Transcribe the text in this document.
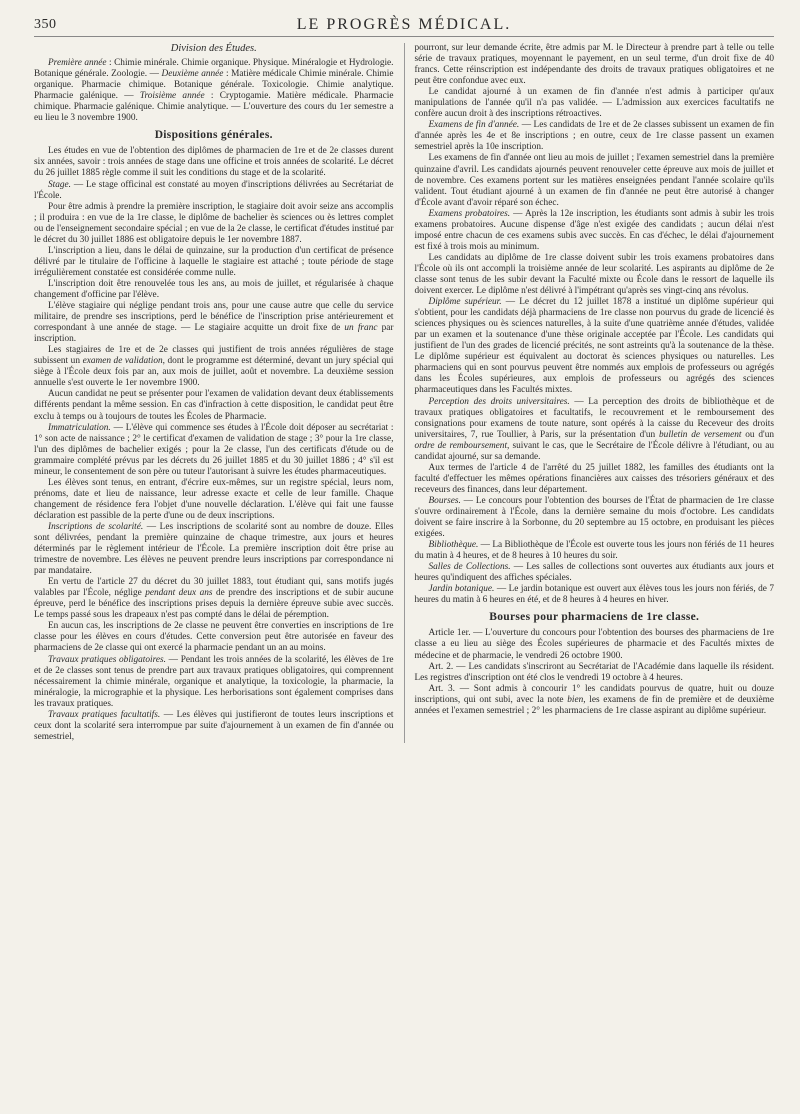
350	LE PROGRÈS MÉDICAL.
Division des Études.

Première année : Chimie minérale. Chimie organique. Physique. Minéralogie et Hydrologie. Botanique générale. Zoologie. — Deuxième année : Matière médicale Chimie minérale. Chimie organique. Pharmacie chimique. Botanique générale. Toxicologie. Chimie analytique. Pharmacie galénique. — Troisième année : Cryptogamie. Matière médicale. Pharmacie chimique. Pharmacie galénique. Chimie analytique. — L'ouverture des cours du 1er semestre a eu lieu le 3 novembre 1900.

Dispositions générales.

Les études en vue de l'obtention des diplômes de pharmacien de 1re et de 2e classes durent six années, savoir : trois années de stage dans une officine et trois années de scolarité. Le décret du 26 juillet 1885 règle comme il suit les conditions du stage et de la scolarité.

Stage. — Le stage officinal est constaté au moyen d'inscriptions délivrées au Secrétariat de l'École.

Pour être admis à prendre la première inscription, le stagiaire doit avoir seize ans accomplis ; il produira : en vue de la 1re classe, le diplôme de bachelier ès sciences ou ès lettres complet ou de l'enseignement secondaire spécial ; en vue de la 2e classe, le certificat d'études institué par le décret du 30 juillet 1886 est obligatoire depuis le 1er novembre 1887.

L'inscription a lieu, dans le délai de quinzaine, sur la production d'un certificat de présence délivré par le titulaire de l'officine à laquelle le stagiaire est attaché ; toute période de stage irrégulièrement constatée est considérée comme nulle.

L'inscription doit être renouvelée tous les ans, au mois de juillet, et régularisée à chaque changement d'officine par l'élève.

L'élève stagiaire qui néglige pendant trois ans, pour une cause autre que celle du service militaire, de prendre ses inscriptions, perd le bénéfice de l'inscription prise antérieurement et correspondant à une année de stage. — Le stagiaire acquitte un droit fixe de un franc par inscription.

Les stagiaires de 1re et de 2e classes qui justifient de trois années régulières de stage subissent un examen de validation, dont le programme est déterminé, devant un jury spécial qui siège à l'École deux fois par an, aux mois de juillet, août et novembre. La deuxième session annuelle s'est ouverte le 1er novembre 1900.

Aucun candidat ne peut se présenter pour l'examen de validation devant deux établissements différents pendant la même session. En cas d'infraction à cette disposition, le candidat peut être exclu à temps ou à toujours de toutes les Écoles de Pharmacie.

Immatriculation. — L'élève qui commence ses études à l'École doit déposer au secrétariat : 1° son acte de naissance ; 2° le certificat d'examen de validation de stage ; 3° pour la 1re classe, l'un des diplômes de bachelier exigés ; pour la 2e classe, l'un des certificats d'étude ou de grammaire complété prévus par les décrets du 26 juillet 1885 et du 30 juillet 1886 ; 4° s'il est mineur, le consentement de son père ou tuteur l'autorisant à suivre les études pharmaceutiques.

Les élèves sont tenus, en entrant, d'écrire eux-mêmes, sur un registre spécial, leurs nom, prénoms, date et lieu de naissance, leur adresse exacte et celle de leur famille. Chaque changement de résidence fera l'objet d'une nouvelle déclaration. L'élève qui fait une fausse déclaration est passible de la perte d'une ou de deux inscriptions.

Inscriptions de scolarité. — Les inscriptions de scolarité sont au nombre de douze. Elles sont délivrées, pendant la première quinzaine de chaque trimestre, aux jours et heures déterminés par le règlement intérieur de l'École. La première inscription doit être prise au trimestre de novembre. Les élèves ne peuvent prendre leurs inscriptions par correspondance ni par mandataire.

En vertu de l'article 27 du décret du 30 juillet 1883, tout étudiant qui, sans motifs jugés valables par l'École, néglige pendant deux ans de prendre des inscriptions et de subir aucune épreuve, perd le bénéfice des inscriptions prises depuis la dernière épreuve subie avec succès. Le temps passé sous les drapeaux n'est pas compté dans le délai de péremption.

En aucun cas, les inscriptions de 2e classe ne peuvent être converties en inscriptions de 1re classe pour les élèves en cours d'études. Cette conversion peut être autorisée en faveur des pharmaciens de 2e classe qui ont exercé la pharmacie pendant un an au moins.

Travaux pratiques obligatoires. — Pendant les trois années de la scolarité, les élèves de 1re et de 2e classes sont tenus de prendre part aux travaux pratiques obligatoires, qui comprennent nécessairement la chimie minérale, organique et analytique, la toxicologie, la pharmacie, la minéralogie, la micrographie et la physique. Les herborisations sont également comprises dans les travaux pratiques.

Travaux pratiques facultatifs. — Les élèves qui justifieront de toutes leurs inscriptions et ceux dont la scolarité sera interrompue par suite d'ajournement à un examen de fin d'année ou semestriel,

pourront, sur leur demande écrite, être admis par M. le Directeur à prendre part à telle ou telle série de travaux pratiques, moyennant le payement, en un seul terme, d'un droit fixe de 40 francs. Cette réinscription est indépendante des droits de travaux pratiques obligatoires et ne peut être confondue avec eux.

Le candidat ajourné à un examen de fin d'année n'est admis à participer qu'aux manipulations de l'année qu'il n'a pas validée. — L'admission aux exercices facultatifs ne confère aucun droit à des inscriptions rétroactives.

Examens de fin d'année. — Les candidats de 1re et de 2e classes subissent un examen de fin d'année après les 4e et 8e inscriptions ; en outre, ceux de 1re classe passent un examen semestriel après la 10e inscription.

Les examens de fin d'année ont lieu au mois de juillet ; l'examen semestriel dans la première quinzaine d'avril. Les candidats ajournés peuvent renouveler cette épreuve aux mois de juillet et de novembre. Ces examens portent sur les matières enseignées pendant l'année scolaire qu'ils valident. Tout étudiant ajourné à un examen de fin d'année ne peut être autorisé à changer d'École avant d'avoir réparé son échec.

Examens probatoires. — Après la 12e inscription, les étudiants sont admis à subir les trois examens probatoires. Aucune dispense d'âge n'est exigée des candidats ; aucun délai n'est imposé entre chacun de ces examens subis avec succès. En cas d'échec, le délai d'ajournement est fixé à trois mois au minimum.

Les candidats au diplôme de 1re classe doivent subir les trois examens probatoires dans l'École où ils ont accompli la troisième année de leur scolarité. Les aspirants au diplôme de 2e classe sont tenus de les subir devant la Faculté mixte ou École dans le ressort de laquelle ils doivent exercer. Le diplôme n'est délivré à l'impétrant qu'après ses vingt-cinq ans révolus.

Diplôme supérieur. — Le décret du 12 juillet 1878 a institué un diplôme supérieur qui s'obtient, pour les candidats déjà pharmaciens de 1re classe non pourvus du grade de licencié ès sciences physiques ou ès sciences naturelles, à la suite d'une quatrième année d'études, validée par un examen et la soutenance d'une thèse originale acceptée par l'École. Les candidats qui justifient de l'un des grades de licencié précités, ne sont astreints qu'à la soutenance de la thèse. Le diplôme supérieur est équivalent au doctorat ès sciences physiques ou naturelles. Les pharmaciens qui en sont pourvus peuvent être nommés aux emplois de professeurs ou agrégés dans les Écoles supérieures, aux emplois de professeurs ou agrégés des sciences pharmaceutiques dans les Facultés mixtes.

Perception des droits universitaires. — La perception des droits de bibliothèque et de travaux pratiques obligatoires et facultatifs, le recouvrement et le remboursement des consignations pour examens de toute nature, sont opérés à la caisse du Receveur des droits universitaires, 7, rue Toullier, à Paris, sur la présentation d'un bulletin de versement ou d'un ordre de remboursement, suivant le cas, que le Secrétaire de l'École délivre à l'étudiant, ou au candidat ajourné, sur sa demande.

Aux termes de l'article 4 de l'arrêté du 25 juillet 1882, les familles des étudiants ont la faculté d'effectuer les mêmes opérations financières aux caisses des trésoriers généraux et des receveurs des finances, dans leur département.

Bourses. — Le concours pour l'obtention des bourses de l'État de pharmacien de 1re classe s'ouvre ordinairement à l'École, dans la dernière semaine du mois d'octobre. Les candidats doivent se faire inscrire à la Sorbonne, du 20 septembre au 15 octobre, en produisant les pièces exigées.

Bibliothèque. — La Bibliothèque de l'École est ouverte tous les jours non fériés de 11 heures du matin à 4 heures, et de 8 heures à 10 heures du soir.

Salles de Collections. — Les salles de collections sont ouvertes aux étudiants aux jours et heures qu'indiquent des affiches spéciales.

Jardin botanique. — Le jardin botanique est ouvert aux élèves tous les jours non fériés, de 7 heures du matin à 6 heures en été, et de 8 heures à 4 heures en hiver.

Bourses pour pharmaciens de 1re classe.

Article 1er. — L'ouverture du concours pour l'obtention des bourses des pharmaciens de 1re classe a eu lieu au siège des Écoles supérieures de pharmacie et des Facultés mixtes de médecine et de pharmacie, le vendredi 26 octobre 1900.

Art. 2. — Les candidats s'inscriront au Secrétariat de l'Académie dans laquelle ils résident. Les registres d'inscription ont été clos le vendredi 19 octobre à 4 heures.

Art. 3. — Sont admis à concourir 1° les candidats pourvus de quatre, huit ou douze inscriptions, qui ont subi, avec la note bien, les examens de fin de première et de deuxième années et l'examen semestriel ; 2° les pharmaciens de 1re classe aspirant au diplôme supérieur.
